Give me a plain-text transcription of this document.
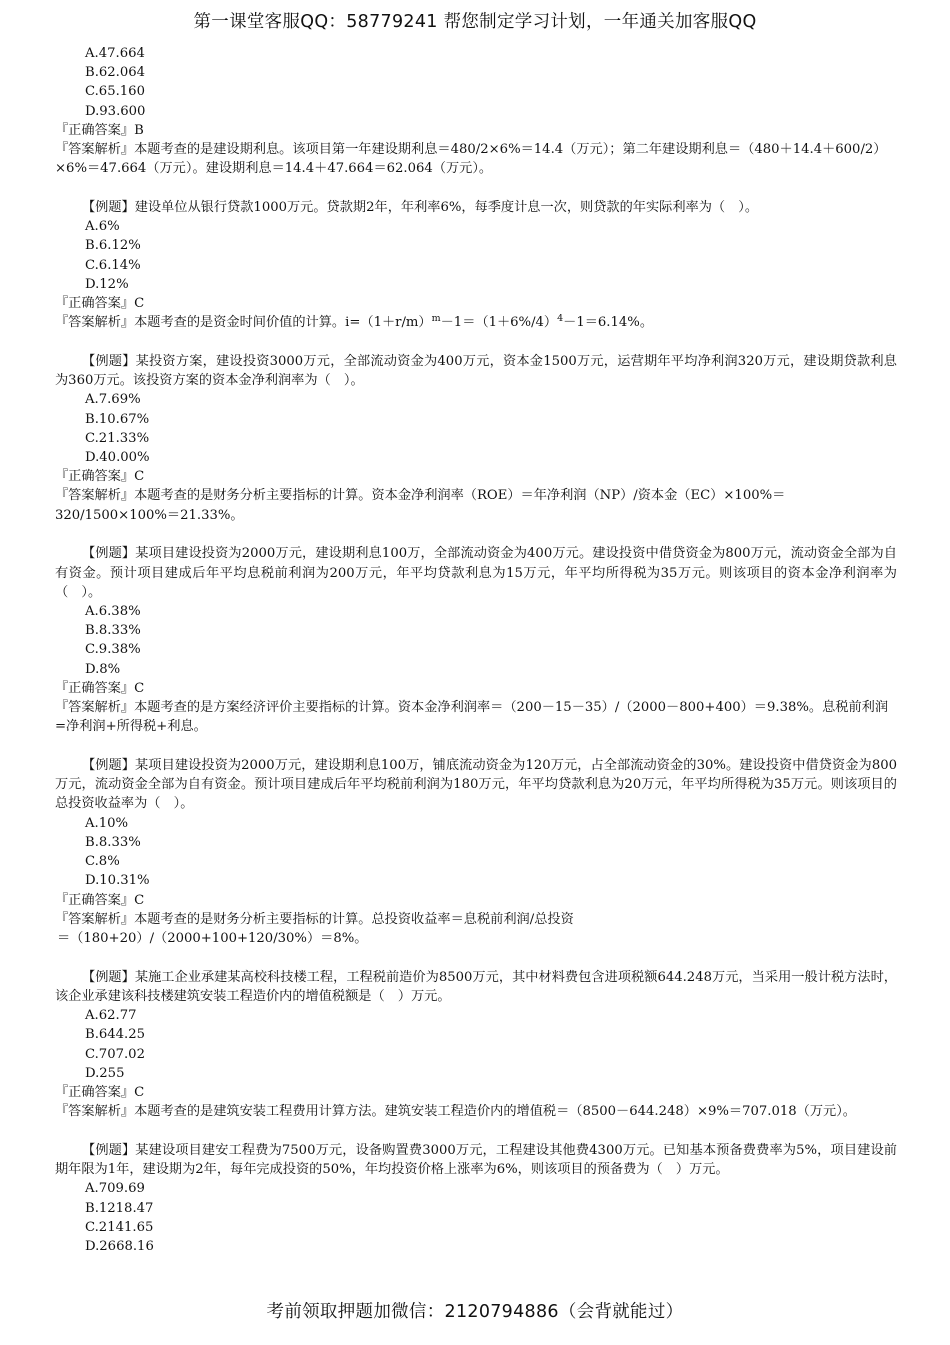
第一课堂客服QQ：58779241 帮您制定学习计划，一年通关加客服QQ
A.47.664
B.62.064
C.65.160
D.93.600
『正确答案』B
『答案解析』本题考查的是建设期利息。该项目第一年建设期利息＝480/2×6%＝14.4（万元）；第二年建设期利息＝（480＋14.4＋600/2）×6%＝47.664（万元）。建设期利息＝14.4＋47.664＝62.064（万元）。
【例题】建设单位从银行贷款1000万元。贷款期2年，年利率6%，每季度计息一次，则贷款的年实际利率为（　）。
A.6%
B.6.12%
C.6.14%
D.12%
『正确答案』C
『答案解析』本题考查的是资金时间价值的计算。$i=(1+r/m)^m-1=(1+6\%/4)^4-1=6.14\%$。
【例题】某投资方案，建设投资3000万元，全部流动资金为400万元，资本金1500万元，运营期年平均净利润320万元，建设期贷款利息为360万元。该投资方案的资本金净利润率为（　）。
A.7.69%
B.10.67%
C.21.33%
D.40.00%
『正确答案』C
『答案解析』本题考查的是财务分析主要指标的计算。资本金净利润率（ROE）＝年净利润（NP）/资本金（EC）×100%＝320/1500×100%＝21.33%。
【例题】某项目建设投资为2000万元，建设期利息100万，全部流动资金为400万元。建设投资中借贷资金为800万元，流动资金全部为自有资金。预计项目建成后年平均息税前利润为200万元，年平均贷款利息为15万元，年平均所得税为35万元。则该项目的资本金净利润率为（　）。
A.6.38%
B.8.33%
C.9.38%
D.8%
『正确答案』C
『答案解析』本题考查的是方案经济评价主要指标的计算。资本金净利润率＝（200－15－35）/（2000－800+400）＝9.38%。息税前利润=净利润+所得税+利息。
【例题】某项目建设投资为2000万元，建设期利息100万，铺底流动资金为120万元，占全部流动资金的30%。建设投资中借贷资金为800万元，流动资金全部为自有资金。预计项目建成后年平均税前利润为180万元，年平均贷款利息为20万元，年平均所得税为35万元。则该项目的总投资收益率为（　）。
A.10%
B.8.33%
C.8%
D.10.31%
『正确答案』C
『答案解析』本题考查的是财务分析主要指标的计算。总投资收益率＝息税前利润/总投资
＝（180+20）/（2000+100+120/30%）＝8%。
【例题】某施工企业承建某高校科技楼工程，工程税前造价为8500万元，其中材料费包含进项税额644.248万元，当采用一般计税方法时，该企业承建该科技楼建筑安装工程造价内的增值税额是（　）万元。
A.62.77
B.644.25
C.707.02
D.255
『正确答案』C
『答案解析』本题考查的是建筑安装工程费用计算方法。建筑安装工程造价内的增值税＝（8500－644.248）×9%＝707.018（万元）。
【例题】某建设项目建安工程费为7500万元，设备购置费3000万元，工程建设其他费4300万元。已知基本预备费费率为5%，项目建设前期年限为1年，建设期为2年，每年完成投资的50%，年均投资价格上涨率为6%，则该项目的预备费为（　）万元。
A.709.69
B.1218.47
C.2141.65
D.2668.16
考前领取押题加微信：2120794886（会背就能过）
